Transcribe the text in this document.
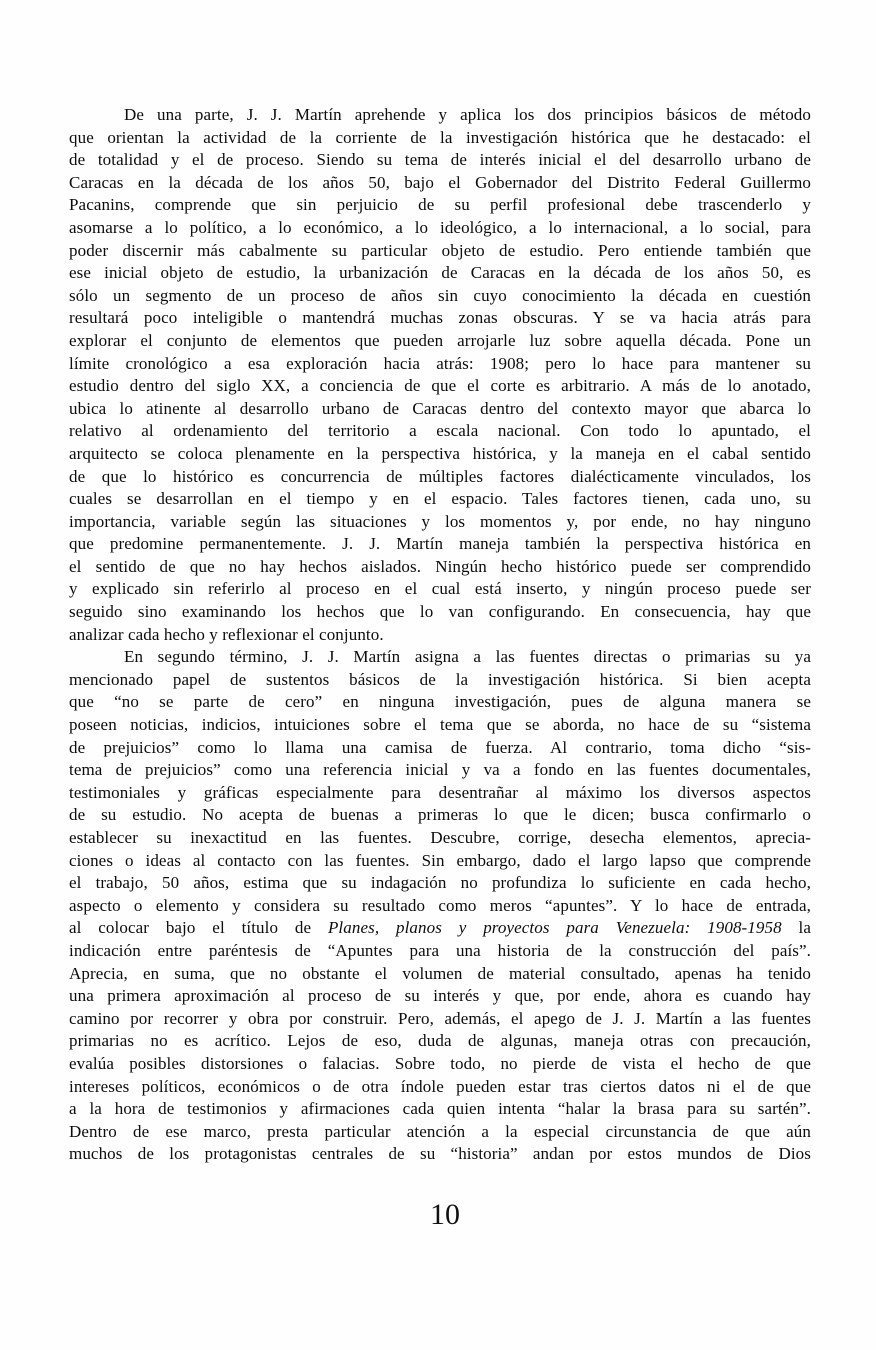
De una parte, J. J. Martín aprehende y aplica los dos principios básicos de método
que orientan la actividad de la corriente de la investigación histórica que he destacado: el
de totalidad y el de proceso. Siendo su tema de interés inicial el del desarrollo urbano de
Caracas en la década de los años 50, bajo el Gobernador del Distrito Federal Guillermo
Pacanins, comprende que sin perjuicio de su perfil profesional debe trascenderlo y
asomarse a lo político, a lo económico, a lo ideológico, a lo internacional, a lo social, para
poder discernir más cabalmente su particular objeto de estudio. Pero entiende también que
ese inicial objeto de estudio, la urbanización de Caracas en la década de los años 50, es
sólo un segmento de un proceso de años sin cuyo conocimiento la década en cuestión
resultará poco inteligible o mantendrá muchas zonas obscuras. Y se va hacia atrás para
explorar el conjunto de elementos que pueden arrojarle luz sobre aquella década. Pone un
límite cronológico a esa exploración hacia atrás: 1908; pero lo hace para mantener su
estudio dentro del siglo XX, a conciencia de que el corte es arbitrario. A más de lo anotado,
ubica lo atinente al desarrollo urbano de Caracas dentro del contexto mayor que abarca lo
relativo al ordenamiento del territorio a escala nacional. Con todo lo apuntado, el
arquitecto se coloca plenamente en la perspectiva histórica, y la maneja en el cabal sentido
de que lo histórico es concurrencia de múltiples factores dialécticamente vinculados, los
cuales se desarrollan en el tiempo y en el espacio. Tales factores tienen, cada uno, su
importancia, variable según las situaciones y los momentos y, por ende, no hay ninguno
que predomine permanentemente. J. J. Martín maneja también la perspectiva histórica en
el sentido de que no hay hechos aislados. Ningún hecho histórico puede ser comprendido
y explicado sin referirlo al proceso en el cual está inserto, y ningún proceso puede ser
seguido sino examinando los hechos que lo van configurando. En consecuencia, hay que
analizar cada hecho y reflexionar el conjunto.
En segundo término, J. J. Martín asigna a las fuentes directas o primarias su ya
mencionado papel de sustentos básicos de la investigación histórica. Si bien acepta
que “no se parte de cero” en ninguna investigación, pues de alguna manera se
poseen noticias, indicios, intuiciones sobre el tema que se aborda, no hace de su “sistema
de prejuicios” como lo llama una camisa de fuerza. Al contrario, toma dicho “sis-
tema de prejuicios” como una referencia inicial y va a fondo en las fuentes documentales,
testimoniales y gráficas especialmente para desentrañar al máximo los diversos aspectos
de su estudio. No acepta de buenas a primeras lo que le dicen; busca confirmarlo o
establecer su inexactitud en las fuentes. Descubre, corrige, desecha elementos, aprecia-
ciones o ideas al contacto con las fuentes. Sin embargo, dado el largo lapso que comprende
el trabajo, 50 años, estima que su indagación no profundiza lo suficiente en cada hecho,
aspecto o elemento y considera su resultado como meros “apuntes”. Y lo hace de entrada,
al colocar bajo el título de Planes, planos y proyectos para Venezuela: 1908-1958 la
indicación entre paréntesis de “Apuntes para una historia de la construcción del país”.
Aprecia, en suma, que no obstante el volumen de material consultado, apenas ha tenido
una primera aproximación al proceso de su interés y que, por ende, ahora es cuando hay
camino por recorrer y obra por construir. Pero, además, el apego de J. J. Martín a las fuentes
primarias no es acrítico. Lejos de eso, duda de algunas, maneja otras con precaución,
evalúa posibles distorsiones o falacias. Sobre todo, no pierde de vista el hecho de que
intereses políticos, económicos o de otra índole pueden estar tras ciertos datos ni el de que
a la hora de testimonios y afirmaciones cada quien intenta “halar la brasa para su sartén”.
Dentro de ese marco, presta particular atención a la especial circunstancia de que aún
muchos de los protagonistas centrales de su “historia” andan por estos mundos de Dios
10
